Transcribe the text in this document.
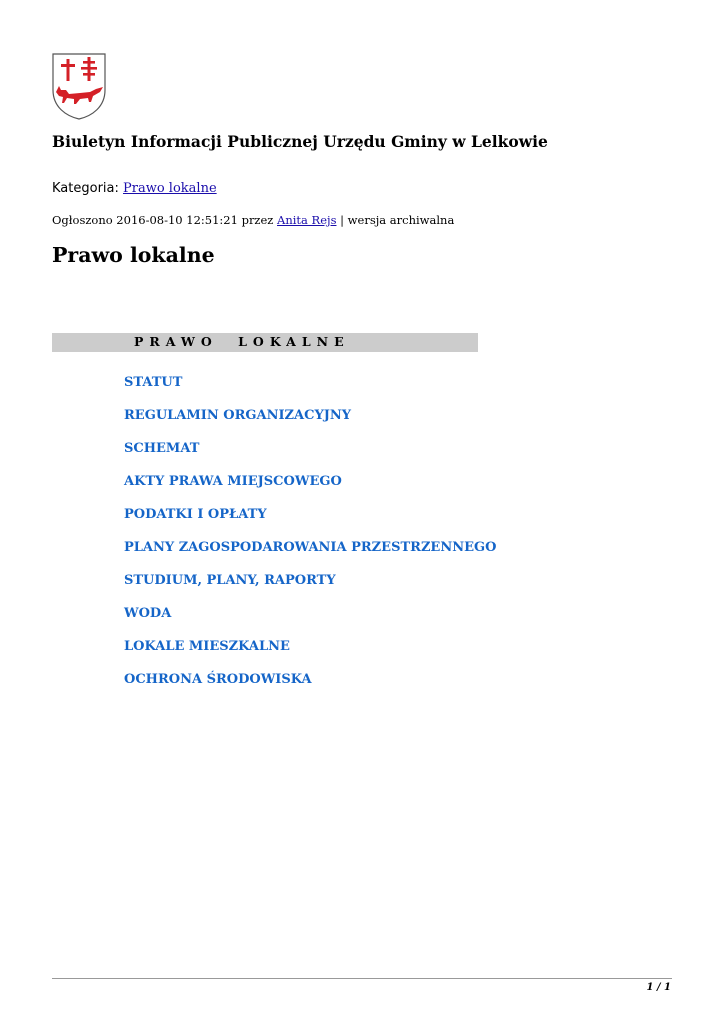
Biuletyn Informacji Publicznej Urzędu Gminy w Lelkowie
Kategoria: Prawo lokalne
Ogłoszono 2016-08-10 12:51:21 przez Anita Rejs | wersja archiwalna
Prawo lokalne
PRAWO LOKALNE
STATUT
REGULAMIN ORGANIZACYJNY
SCHEMAT
AKTY PRAWA MIEJSCOWEGO
PODATKI I OPŁATY
PLANY ZAGOSPODAROWANIA PRZESTRZENNEGO
STUDIUM, PLANY, RAPORTY
WODA
LOKALE MIESZKALNE
OCHRONA ŚRODOWISKA
1 / 1
